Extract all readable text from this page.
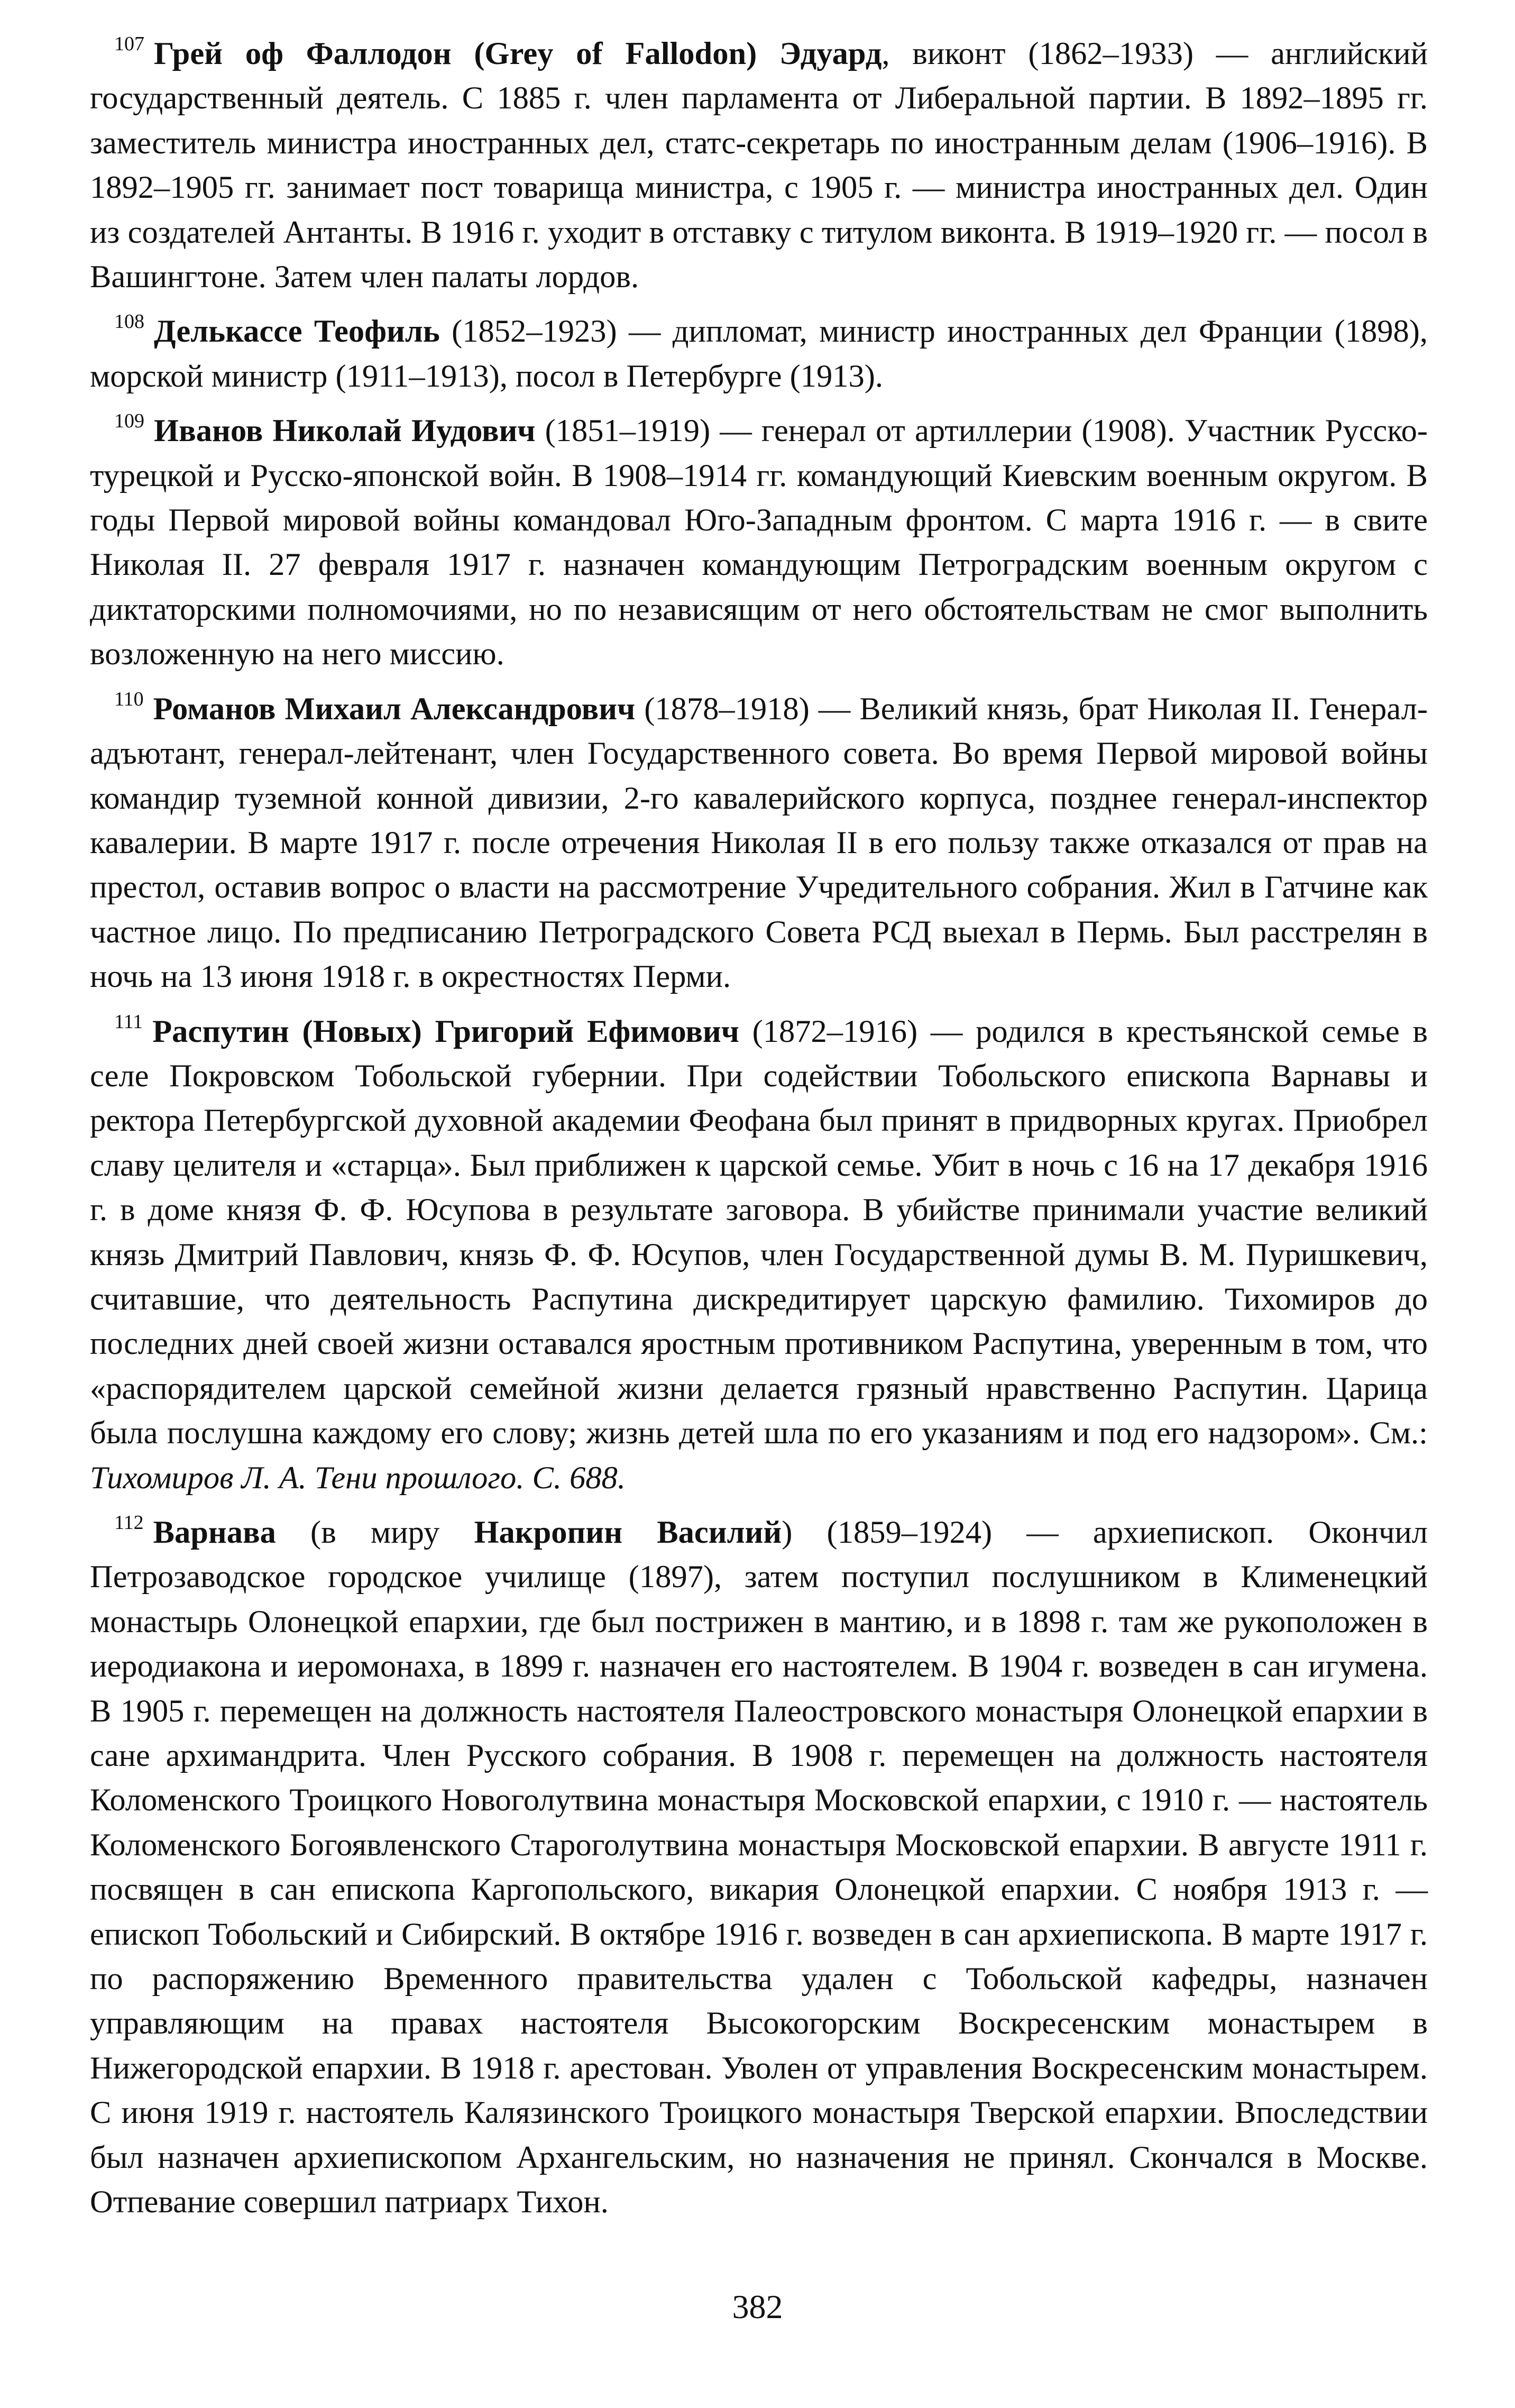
$^{107}$ Грей оф Фаллодон (Grey of Fallodon) Эдуард, виконт (1862–1933) — английский государственный деятель. С 1885 г. член парламента от Либеральной партии. В 1892–1895 гг. заместитель министра иностранных дел, статс-секретарь по иностранным делам (1906–1916). В 1892–1905 гг. занимает пост товарища министра, с 1905 г. — министра иностранных дел. Один из создателей Антанты. В 1916 г. уходит в отставку с титулом виконта. В 1919–1920 гг. — посол в Вашингтоне. Затем член палаты лордов.

$^{108}$ Делькассе Теофиль (1852–1923) — дипломат, министр иностранных дел Франции (1898), морской министр (1911–1913), посол в Петербурге (1913).

$^{109}$ Иванов Николай Иудович (1851–1919) — генерал от артиллерии (1908). Участник Русско-турецкой и Русско-японской войн. В 1908–1914 гг. командующий Киевским военным округом. В годы Первой мировой войны командовал Юго-Западным фронтом. С марта 1916 г. — в свите Николая II. 27 февраля 1917 г. назначен командующим Петроградским военным округом с диктаторскими полномочиями, но по независящим от него обстоятельствам не смог выполнить возложенную на него миссию.

$^{110}$ Романов Михаил Александрович (1878–1918) — Великий князь, брат Николая II. Генерал-адъютант, генерал-лейтенант, член Государственного совета. Во время Первой мировой войны командир туземной конной дивизии, 2-го кавалерийского корпуса, позднее генерал-инспектор кавалерии. В марте 1917 г. после отречения Николая II в его пользу также отказался от прав на престол, оставив вопрос о власти на рассмотрение Учредительного собрания. Жил в Гатчине как частное лицо. По предписанию Петроградского Совета РСД выехал в Пермь. Был расстрелян в ночь на 13 июня 1918 г. в окрестностях Перми.

$^{111}$ Распутин (Новых) Григорий Ефимович (1872–1916) — родился в крестьянской семье в селе Покровском Тобольской губернии. При содействии Тобольского епископа Варнавы и ректора Петербургской духовной академии Феофана был принят в придворных кругах. Приобрел славу целителя и «старца». Был приближен к царской семье. Убит в ночь с 16 на 17 декабря 1916 г. в доме князя Ф. Ф. Юсупова в результате заговора. В убийстве принимали участие великий князь Дмитрий Павлович, князь Ф. Ф. Юсупов, член Государственной думы В. М. Пуришкевич, считавшие, что деятельность Распутина дискредитирует царскую фамилию. Тихомиров до последних дней своей жизни оставался яростным противником Распутина, уверенным в том, что «распорядителем царской семейной жизни делается грязный нравственно Распутин. Царица была послушна каждому его слову; жизнь детей шла по его указаниям и под его надзором». См.: Тихомиров Л. А. Тени прошлого. С. 688.

$^{112}$ Варнава (в миру Накропин Василий) (1859–1924) — архиепископ. Окончил Петрозаводское городское училище (1897), затем поступил послушником в Клименецкий монастырь Олонецкой епархии, где был пострижен в мантию, и в 1898 г. там же рукоположен в иеродиакона и иеромонаха, в 1899 г. назначен его настоятелем. В 1904 г. возведен в сан игумена. В 1905 г. перемещен на должность настоятеля Палеостровского монастыря Олонецкой епархии в сане архимандрита. Член Русского собрания. В 1908 г. перемещен на должность настоятеля Коломенского Троицкого Новоголутвина монастыря Московской епархии, с 1910 г. — настоятель Коломенского Богоявленского Староголутвина монастыря Московской епархии. В августе 1911 г. посвящен в сан епископа Каргопольского, викария Олонецкой епархии. С ноября 1913 г. — епископ Тобольский и Сибирский. В октябре 1916 г. возведен в сан архиепископа. В марте 1917 г. по распоряжению Временного правительства удален с Тобольской кафедры, назначен управляющим на правах настоятеля Высокогорским Воскресенским монастырем в Нижегородской епархии. В 1918 г. арестован. Уволен от управления Воскресенским монастырем. С июня 1919 г. настоятель Калязинского Троицкого монастыря Тверской епархии. Впоследствии был назначен архиепископом Архангельским, но назначения не принял. Скончался в Москве. Отпевание совершил патриарх Тихон.

382
